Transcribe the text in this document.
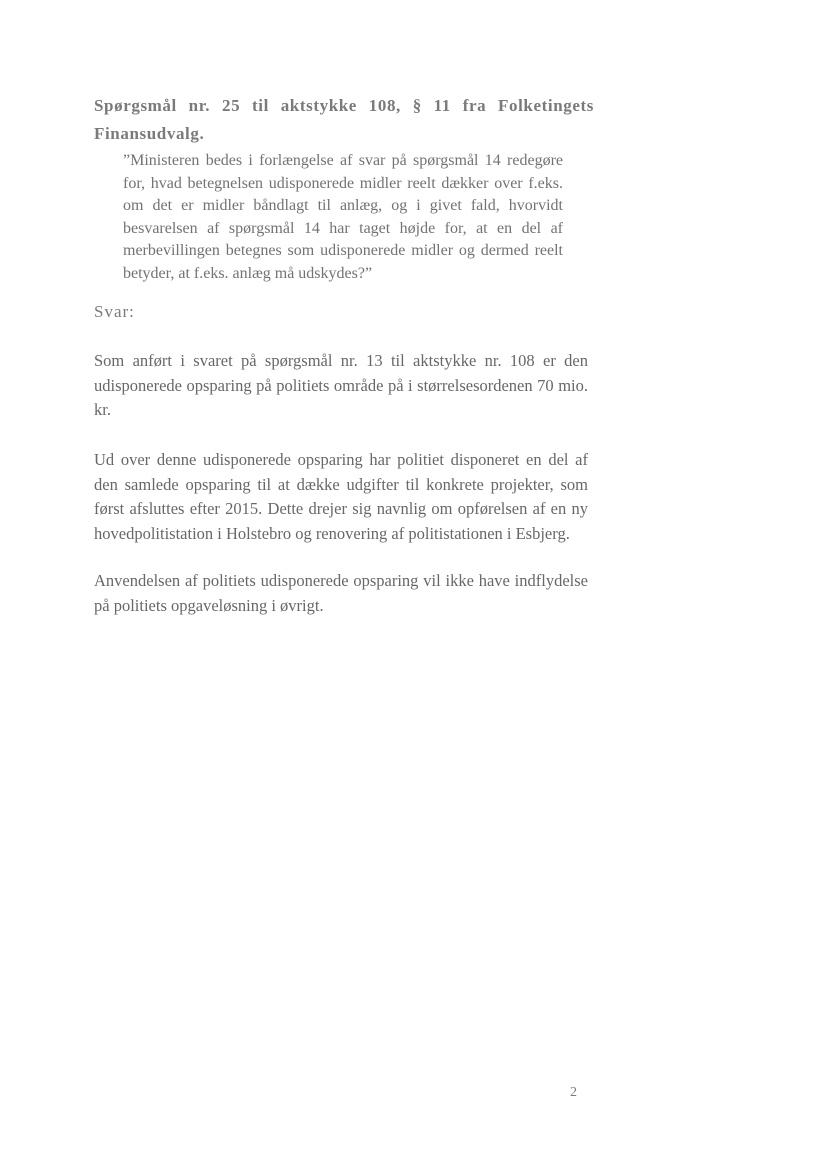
Spørgsmål nr. 25 til aktstykke 108, § 11 fra Folketingets Finansudvalg.

”Ministeren bedes i forlængelse af svar på spørgsmål 14 redegøre for, hvad betegnelsen udisponerede midler reelt dækker over f.eks. om det er midler båndlagt til anlæg, og i givet fald, hvorvidt besvarelsen af spørgsmål 14 har taget højde for, at en del af merbevillingen betegnes som udisponerede midler og dermed reelt betyder, at f.eks. anlæg må udskydes?”

Svar:

Som anført i svaret på spørgsmål nr. 13 til aktstykke nr. 108 er den udisponerede opsparing på politiets område på i størrelsesordenen 70 mio. kr.

Ud over denne udisponerede opsparing har politiet disponeret en del af den samlede opsparing til at dække udgifter til konkrete projekter, som først afsluttes efter 2015. Dette drejer sig navnlig om opførelsen af en ny hovedpolitistation i Holstebro og renovering af politistationen i Esbjerg.

Anvendelsen af politiets udisponerede opsparing vil ikke have indflydelse på politiets opgaveløsning i øvrigt.

2
